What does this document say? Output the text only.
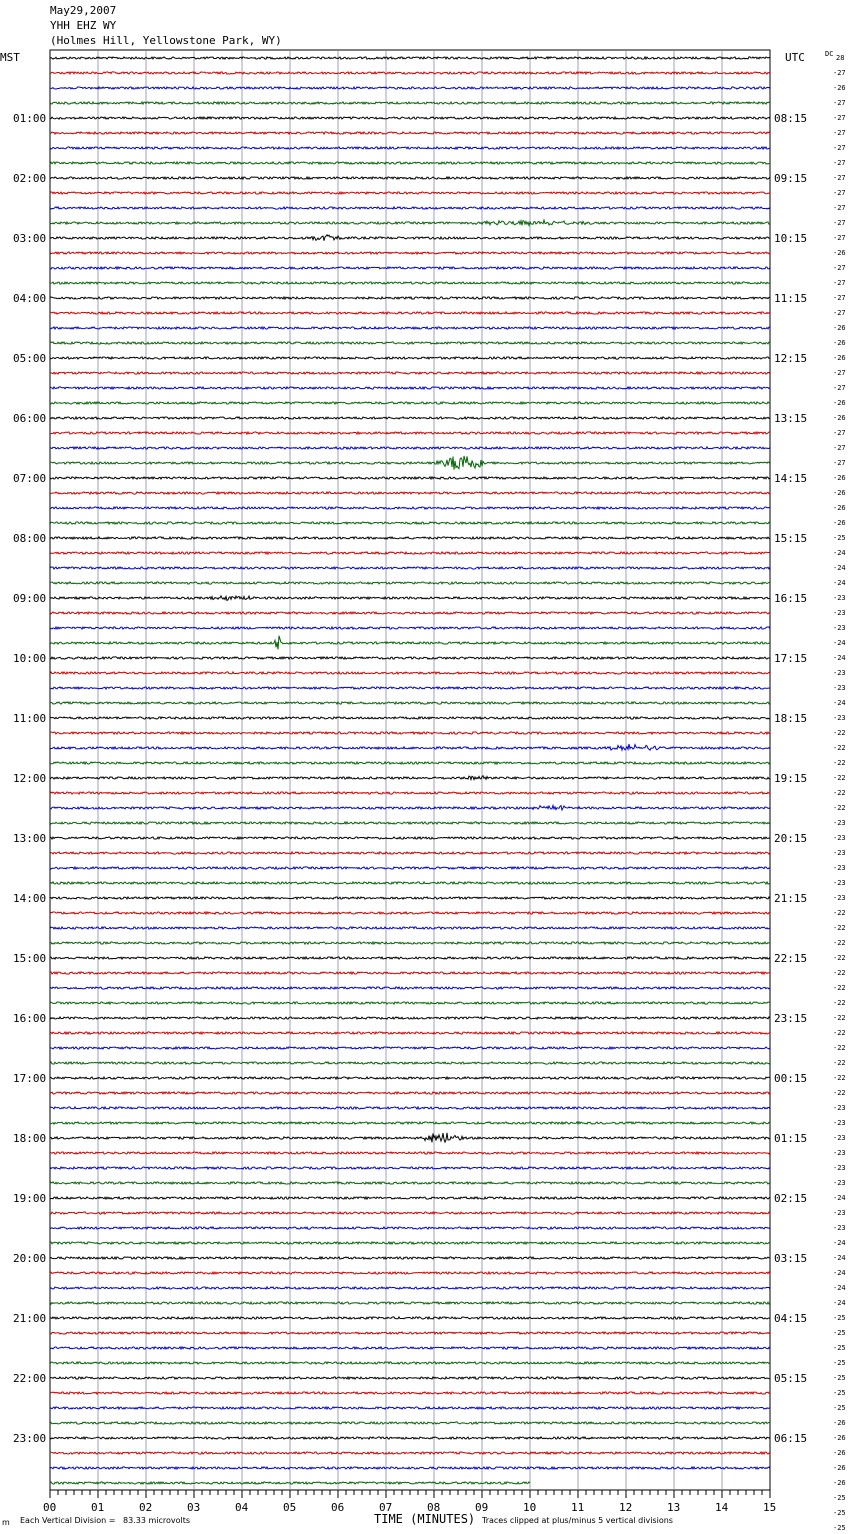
May29,2007
YHH EHZ WY
(Holmes Hill, Yellowstone Park, WY)
00	01	02	03	04	05	06	07	08	09	10	11	12	13	14	15
01:00	08:15
02:00	09:15
03:00	10:15
04:00	11:15
05:00	12:15
06:00	13:15
07:00	14:15
08:00	15:15
09:00	16:15
10:00	17:15
11:00	18:15
12:00	19:15
13:00	20:15
14:00	21:15
15:00	22:15
16:00	23:15
17:00	00:15
18:00	01:15
19:00	02:15
20:00	03:15
21:00	04:15
22:00	05:15
23:00	06:15
28
-27
-26
-27
-27
-27
-27
-27
-27
-27
-27
-27
-27
-26
-27
-27
-27
-27
-26
-26
-26
-27
-27
-26
-26
-27
-27
-27
-26
-26
-26
-26
-25
-24
-24
-24
-23
-23
-23
-24
-24
-23
-23
-24
-23
-22
-22
-22
-22
-22
-22
-23
-23
-23
-23
-23
-23
-22
-22
-22
-22
-22
-22
-22
-22
-22
-22
-22
-22
-22
-23
-23
-23
-23
-23
-23
-24
-23
-23
-24
-24
-24
-24
-24
-25
-25
-25
-25
-25
-25
-25
-26
-26
-26
-26
-26
-25
-25
-25
MST	UTC	DC
TIME (MINUTES)
m Each Vertical Division =   83.33 microvolts	Traces clipped at plus/minus 5 vertical divisions
